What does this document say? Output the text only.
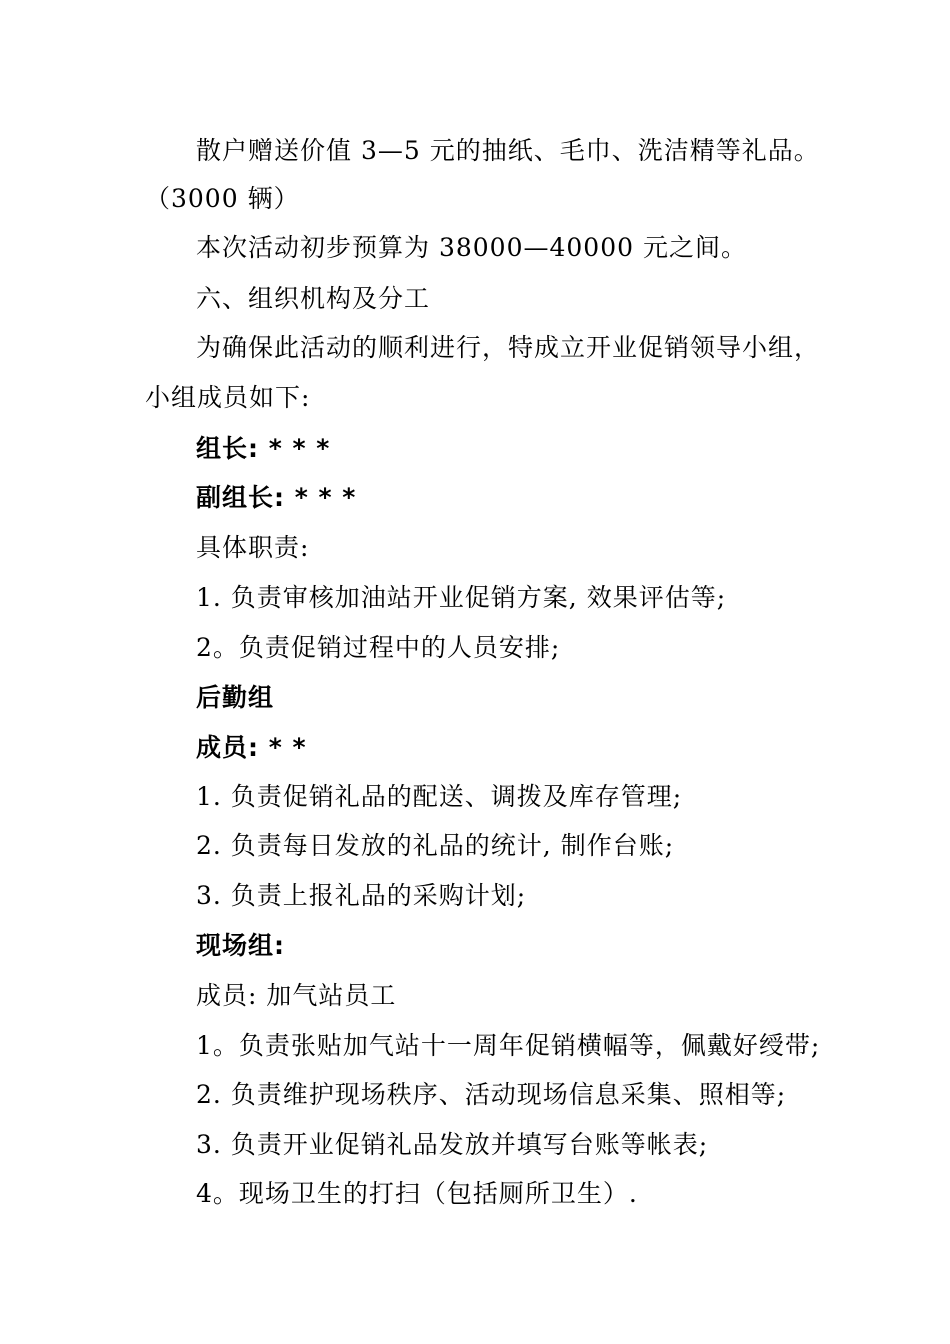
散户赠送价值 3—5 元的抽纸、毛巾、洗洁精等礼品。
（3000 辆）
本次活动初步预算为 38000—40000 元之间。
六、组织机构及分工
为确保此活动的顺利进行，特成立开业促销领导小组，
小组成员如下:
组长: * * *
副组长: * * *
具体职责:
1. 负责审核加油站开业促销方案, 效果评估等;
2。负责促销过程中的人员安排;
后勤组
成员: * *
1. 负责促销礼品的配送、调拨及库存管理;
2. 负责每日发放的礼品的统计, 制作台账;
3. 负责上报礼品的采购计划;
现场组:
成员: 加气站员工
1。负责张贴加气站十一周年促销横幅等，佩戴好绶带;
2. 负责维护现场秩序、活动现场信息采集、照相等;
3. 负责开业促销礼品发放并填写台账等帐表;
4。现场卫生的打扫（包括厕所卫生）.
